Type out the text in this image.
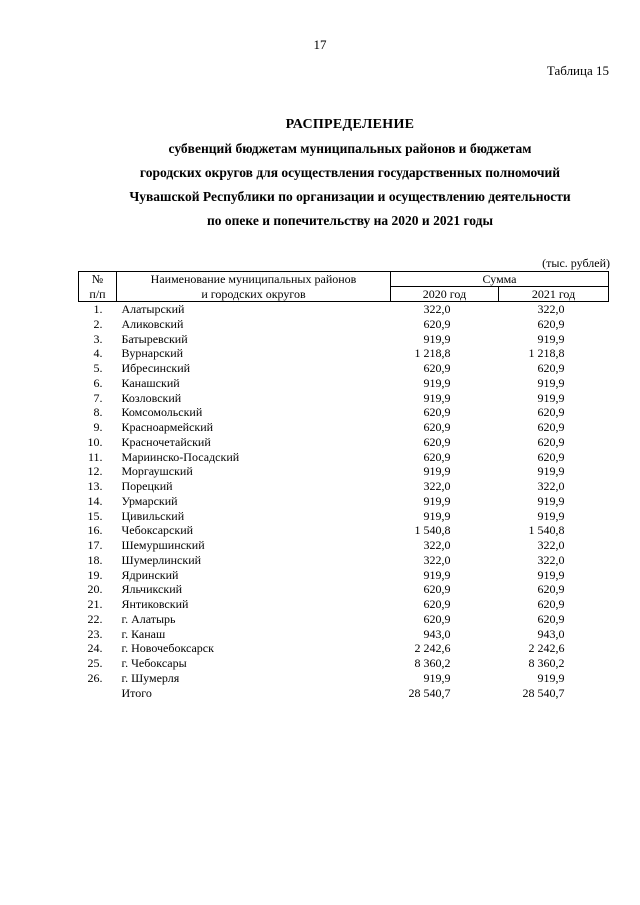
17
Таблица 15
РАСПРЕДЕЛЕНИЕ
субвенций бюджетам муниципальных районов и бюджетам
городских округов для осуществления государственных полномочий
Чувашской Республики по организации и осуществлению деятельности
по опеке и попечительству на 2020 и 2021 годы
(тыс. рублей)
№	Наименование муниципальных районов	Сумма	
п/п	и городских округов	2020 год	2021 год
1.	Алатырский	322,0	322,0
2.	Аликовский	620,9	620,9
3.	Батыревский	919,9	919,9
4.	Вурнарский	1 218,8	1 218,8
5.	Ибресинский	620,9	620,9
6.	Канашский	919,9	919,9
7.	Козловский	919,9	919,9
8.	Комсомольский	620,9	620,9
9.	Красноармейский	620,9	620,9
10.	Красночетайский	620,9	620,9
11.	Мариинско-Посадский	620,9	620,9
12.	Моргаушский	919,9	919,9
13.	Порецкий	322,0	322,0
14.	Урмарский	919,9	919,9
15.	Цивильский	919,9	919,9
16.	Чебоксарский	1 540,8	1 540,8
17.	Шемуршинский	322,0	322,0
18.	Шумерлинский	322,0	322,0
19.	Ядринский	919,9	919,9
20.	Яльчикский	620,9	620,9
21.	Янтиковский	620,9	620,9
22.	г. Алатырь	620,9	620,9
23.	г. Канаш	943,0	943,0
24.	г. Новочебоксарск	2 242,6	2 242,6
25.	г. Чебоксары	8 360,2	8 360,2
26.	г. Шумерля	919,9	919,9
	Итого	28 540,7	28 540,7
